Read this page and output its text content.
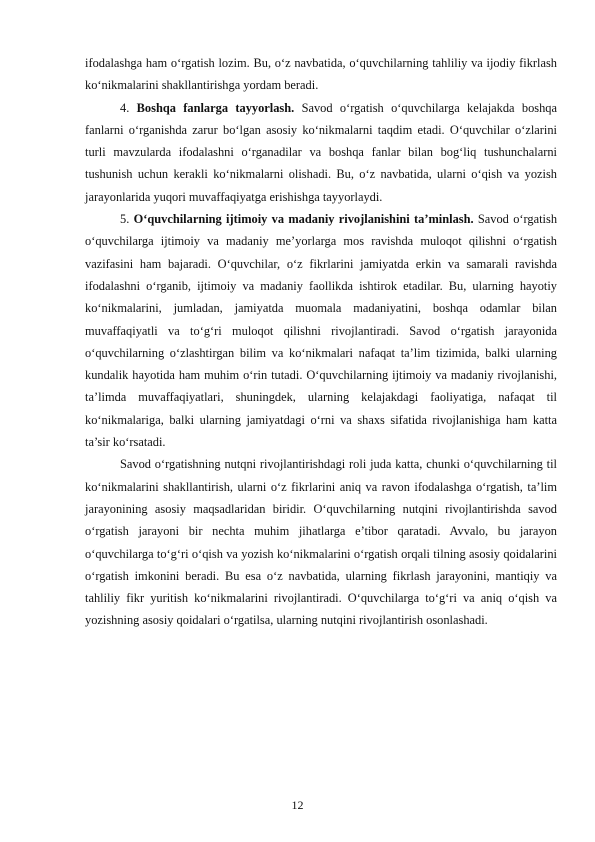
ifodalashga ham o‘rgatish lozim. Bu, o‘z navbatida, o‘quvchilarning tahliliy va ijodiy fikrlash ko‘nikmalarini shakllantirishga yordam beradi.

4. Boshqa fanlarga tayyorlash. Savod o‘rgatish o‘quvchilarga kelajakda boshqa fanlarni o‘rganishda zarur bo‘lgan asosiy ko‘nikmalarni taqdim etadi. O‘quvchilar o‘zlarini turli mavzularda ifodalashni o‘rganadilar va boshqa fanlar bilan bog‘liq tushunchalarni tushunish uchun kerakli ko‘nikmalarni olishadi. Bu, o‘z navbatida, ularni o‘qish va yozish jarayonlarida yuqori muvaffaqiyatga erishishga tayyorlaydi.

5. O‘quvchilarning ijtimoiy va madaniy rivojlanishini ta’minlash. Savod o‘rgatish o‘quvchilarga ijtimoiy va madaniy me’yorlarga mos ravishda muloqot qilishni o‘rgatish vazifasini ham bajaradi. O‘quvchilar, o‘z fikrlarini jamiyatda erkin va samarali ravishda ifodalashni o‘rganib, ijtimoiy va madaniy faollikda ishtirok etadilar. Bu, ularning hayotiy ko‘nikmalarini, jumladan, jamiyatda muomala madaniyatini, boshqa odamlar bilan muvaffaqiyatli va to‘g‘ri muloqot qilishni rivojlantiradi. Savod o‘rgatish jarayonida o‘quvchilarning o‘zlashtirgan bilim va ko‘nikmalari nafaqat ta’lim tizimida, balki ularning kundalik hayotida ham muhim o‘rin tutadi. O‘quvchilarning ijtimoiy va madaniy rivojlanishi, ta’limda muvaffaqiyatlari, shuningdek, ularning kelajakdagi faoliyatiga, nafaqat til ko‘nikmalariga, balki ularning jamiyatdagi o‘rni va shaxs sifatida rivojlanishiga ham katta ta’sir ko‘rsatadi.

Savod o‘rgatishning nutqni rivojlantirishdagi roli juda katta, chunki o‘quvchilarning til ko‘nikmalarini shakllantirish, ularni o‘z fikrlarini aniq va ravon ifodalashga o‘rgatish, ta’lim jarayonining asosiy maqsadlaridan biridir. O‘quvchilarning nutqini rivojlantirishda savod o‘rgatish jarayoni bir nechta muhim jihatlarga e’tibor qaratadi. Avvalo, bu jarayon o‘quvchilarga to‘g‘ri o‘qish va yozish ko‘nikmalarini o‘rgatish orqali tilning asosiy qoidalarini o‘rgatish imkonini beradi. Bu esa o‘z navbatida, ularning fikrlash jarayonini, mantiqiy va tahliliy fikr yuritish ko‘nikmalarini rivojlantiradi. O‘quvchilarga to‘g‘ri va aniq o‘qish va yozishning asosiy qoidalari o‘rgatilsa, ularning nutqini rivojlantirish osonlashadi.

12
